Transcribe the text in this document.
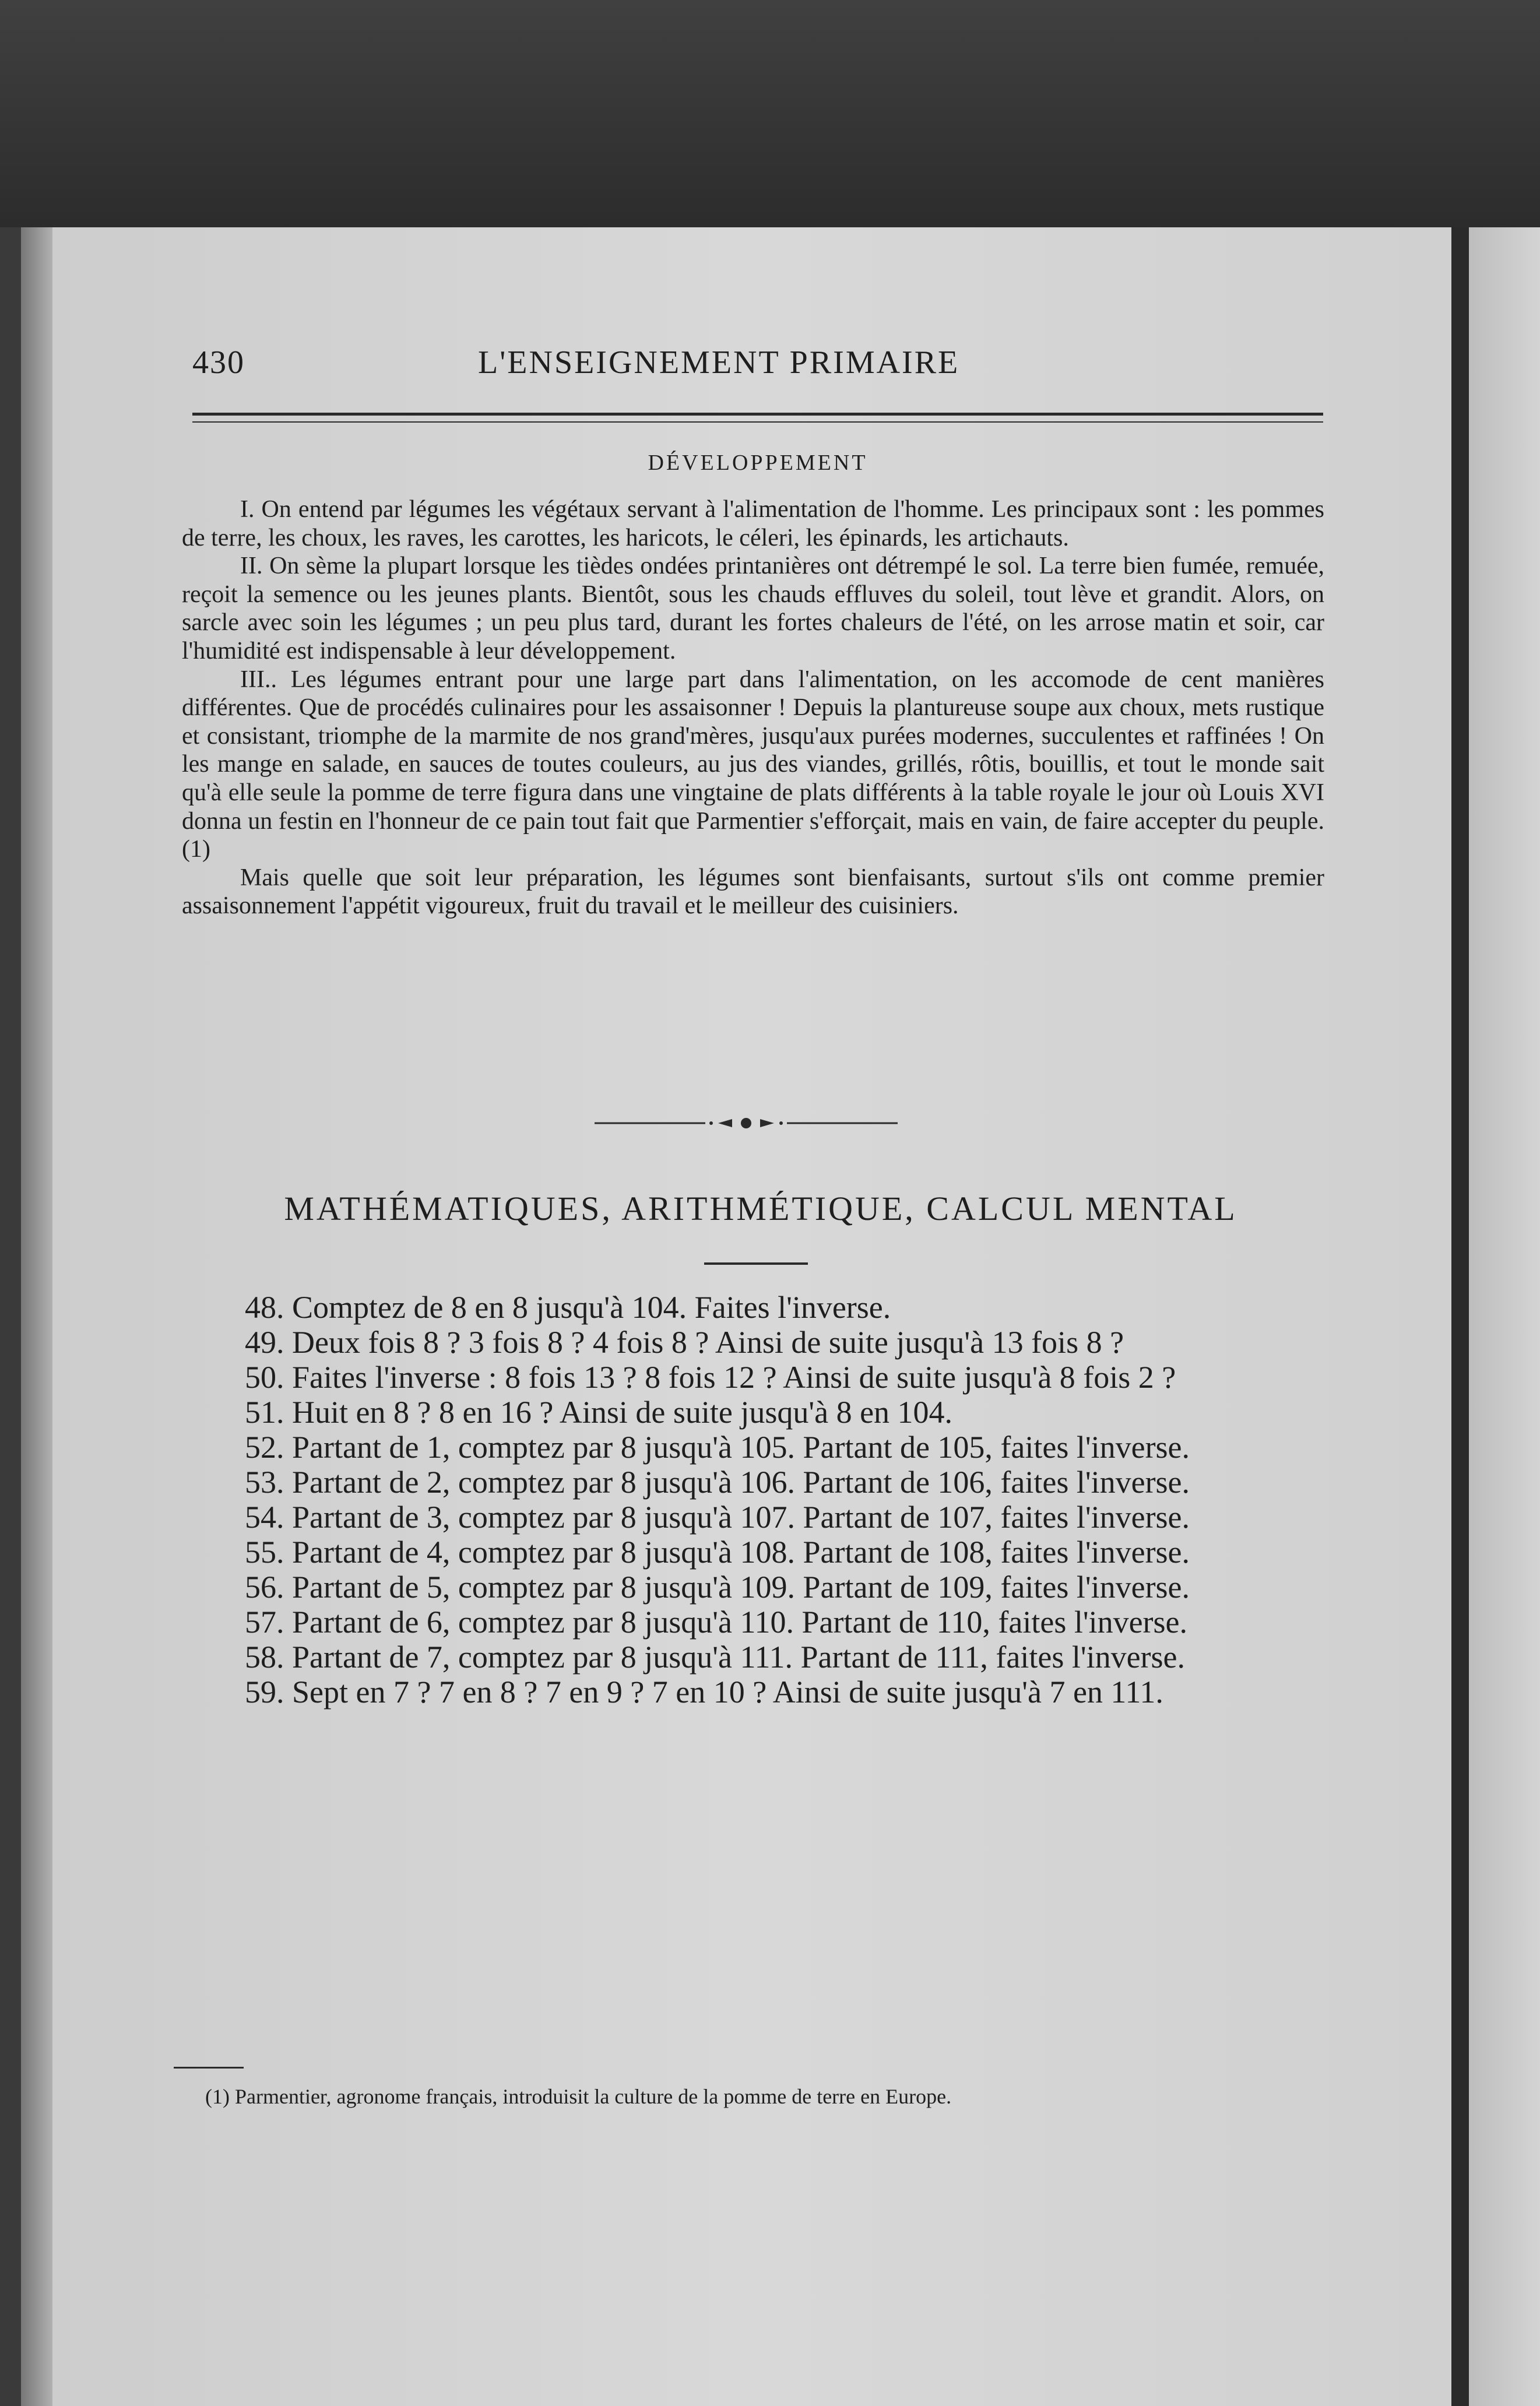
430	L'ENSEIGNEMENT PRIMAIRE
DÉVELOPPEMENT

I. On entend par légumes les végétaux servant à l'alimentation de l'homme. Les principaux sont : les pommes de terre, les choux, les raves, les carottes, les haricots, le céleri, les épinards, les artichauts.

II. On sème la plupart lorsque les tièdes ondées printanières ont détrempé le sol. La terre bien fumée, remuée, reçoit la semence ou les jeunes plants. Bientôt, sous les chauds effluves du soleil, tout lève et grandit. Alors, on sarcle avec soin les légumes ; un peu plus tard, durant les fortes chaleurs de l'été, on les arrose matin et soir, car l'humidité est indispensable à leur développement.

III.. Les légumes entrant pour une large part dans l'alimentation, on les accomode de cent manières différentes. Que de procédés culinaires pour les assaisonner ! Depuis la plantureuse soupe aux choux, mets rustique et consistant, triomphe de la marmite de nos grand'mères, jusqu'aux purées modernes, succulentes et raffinées ! On les mange en salade, en sauces de toutes couleurs, au jus des viandes, grillés, rôtis, bouillis, et tout le monde sait qu'à elle seule la pomme de terre figura dans une vingtaine de plats différents à la table royale le jour où Louis XVI donna un festin en l'honneur de ce pain tout fait que Parmentier s'efforçait, mais en vain, de faire accepter du peuple. (1)

Mais quelle que soit leur préparation, les légumes sont bienfaisants, surtout s'ils ont comme premier assaisonnement l'appétit vigoureux, fruit du travail et le meilleur des cuisiniers.

MATHÉMATIQUES, ARITHMÉTIQUE, CALCUL MENTAL

48. Comptez de 8 en 8 jusqu'à 104. Faites l'inverse.

49. Deux fois 8 ? 3 fois 8 ? 4 fois 8 ? Ainsi de suite jusqu'à 13 fois 8 ?

50. Faites l'inverse : 8 fois 13 ? 8 fois 12 ? Ainsi de suite jusqu'à 8 fois 2 ?

51. Huit en 8 ? 8 en 16 ? Ainsi de suite jusqu'à 8 en 104.

52. Partant de 1, comptez par 8 jusqu'à 105. Partant de 105, faites l'inverse.

53. Partant de 2, comptez par 8 jusqu'à 106. Partant de 106, faites l'inverse.

54. Partant de 3, comptez par 8 jusqu'à 107. Partant de 107, faites l'inverse.

55. Partant de 4, comptez par 8 jusqu'à 108. Partant de 108, faites l'inverse.

56. Partant de 5, comptez par 8 jusqu'à 109. Partant de 109, faites l'inverse.

57. Partant de 6, comptez par 8 jusqu'à 110. Partant de 110, faites l'inverse.

58. Partant de 7, comptez par 8 jusqu'à 111. Partant de 111, faites l'inverse.

59. Sept en 7 ? 7 en 8 ? 7 en 9 ? 7 en 10 ? Ainsi de suite jusqu'à 7 en 111.

(1) Parmentier, agronome français, introduisit la culture de la pomme de terre en Europe.
